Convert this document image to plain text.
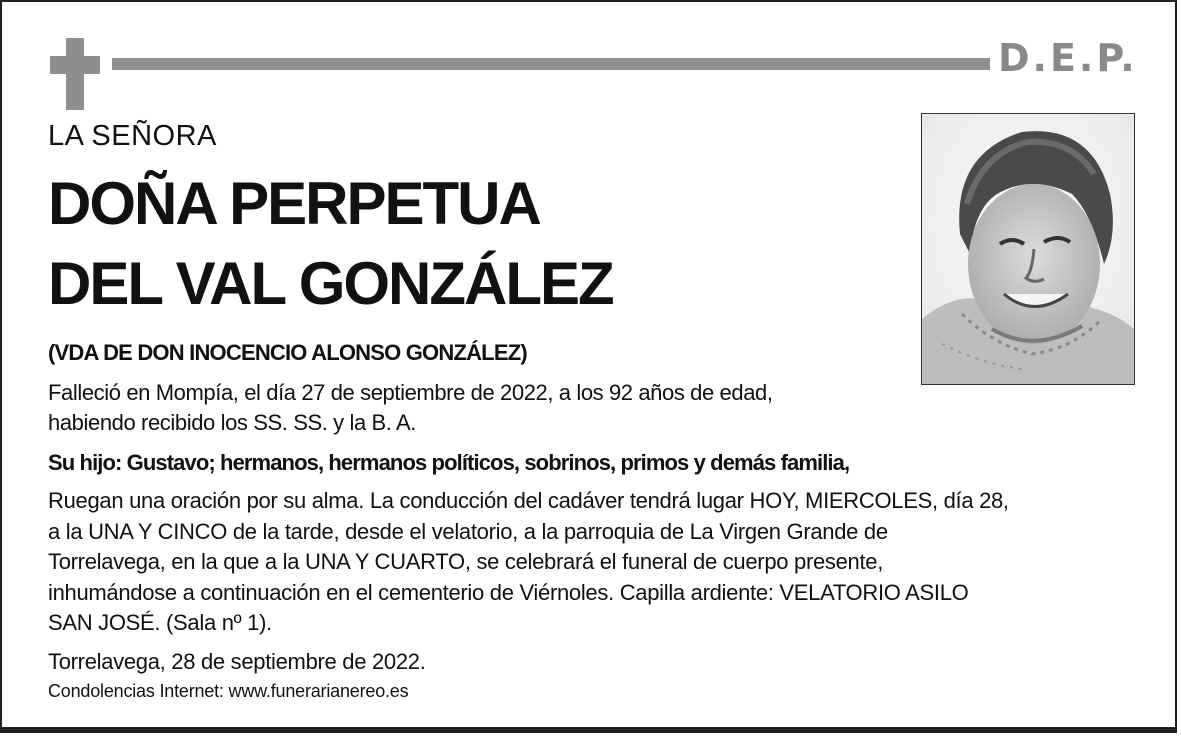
D.E.P.
LA SEÑORA
DOÑA PERPETUA
DEL VAL GONZÁLEZ
(VDA DE DON INOCENCIO ALONSO GONZÁLEZ)
Falleció en Mompía, el día 27 de septiembre de 2022, a los 92 años de edad,
habiendo recibido los SS. SS. y la B. A.
Su hijo: Gustavo; hermanos, hermanos políticos, sobrinos, primos y demás familia,
Ruegan una oración por su alma. La conducción del cadáver tendrá lugar HOY, MIERCOLES, día 28,
a la UNA Y CINCO de la tarde, desde el velatorio, a la parroquia de La Virgen Grande de
Torrelavega, en la que a la UNA Y CUARTO, se celebrará el funeral de cuerpo presente,
inhumándose a continuación en el cementerio de Viérnoles. Capilla ardiente: VELATORIO ASILO
SAN JOSÉ. (Sala nº 1).
Torrelavega, 28 de septiembre de 2022.
Condolencias Internet: www.funerarianereo.es
